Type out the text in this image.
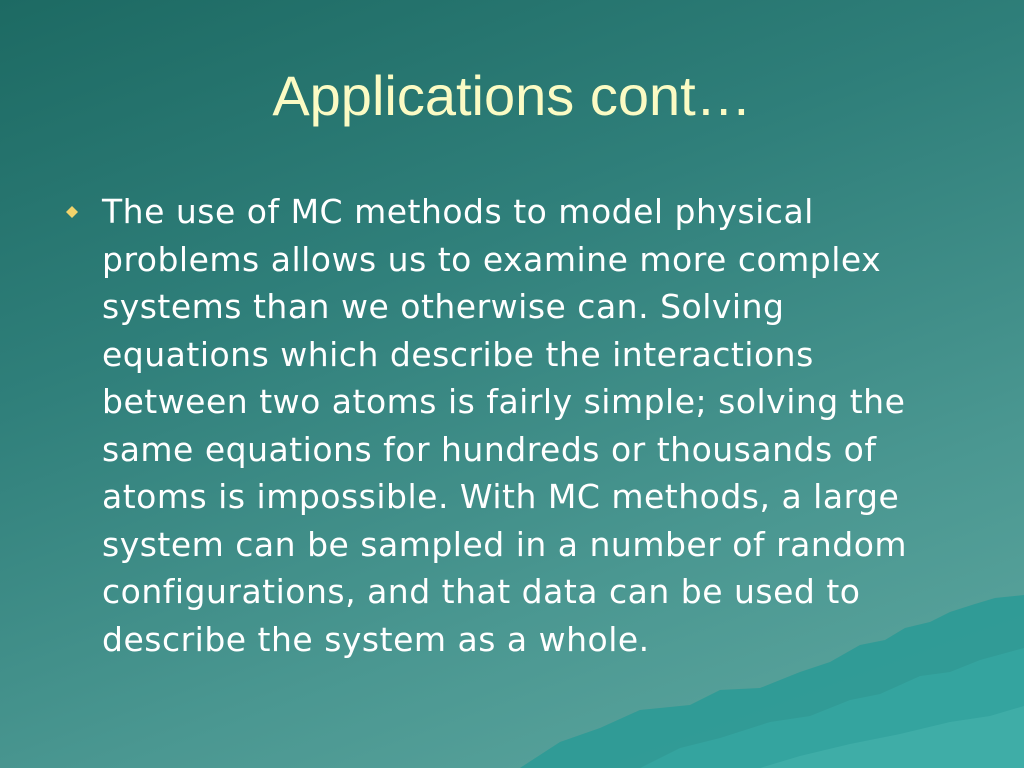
Applications cont…
The use of MC methods to model physical problems allows us to examine more complex systems than we otherwise can. Solving equations which describe the interactions between two atoms is fairly simple; solving the same equations for hundreds or thousands of atoms is impossible. With MC methods, a large system can be sampled in a number of random configurations, and that data can be used to describe the system as a whole.
